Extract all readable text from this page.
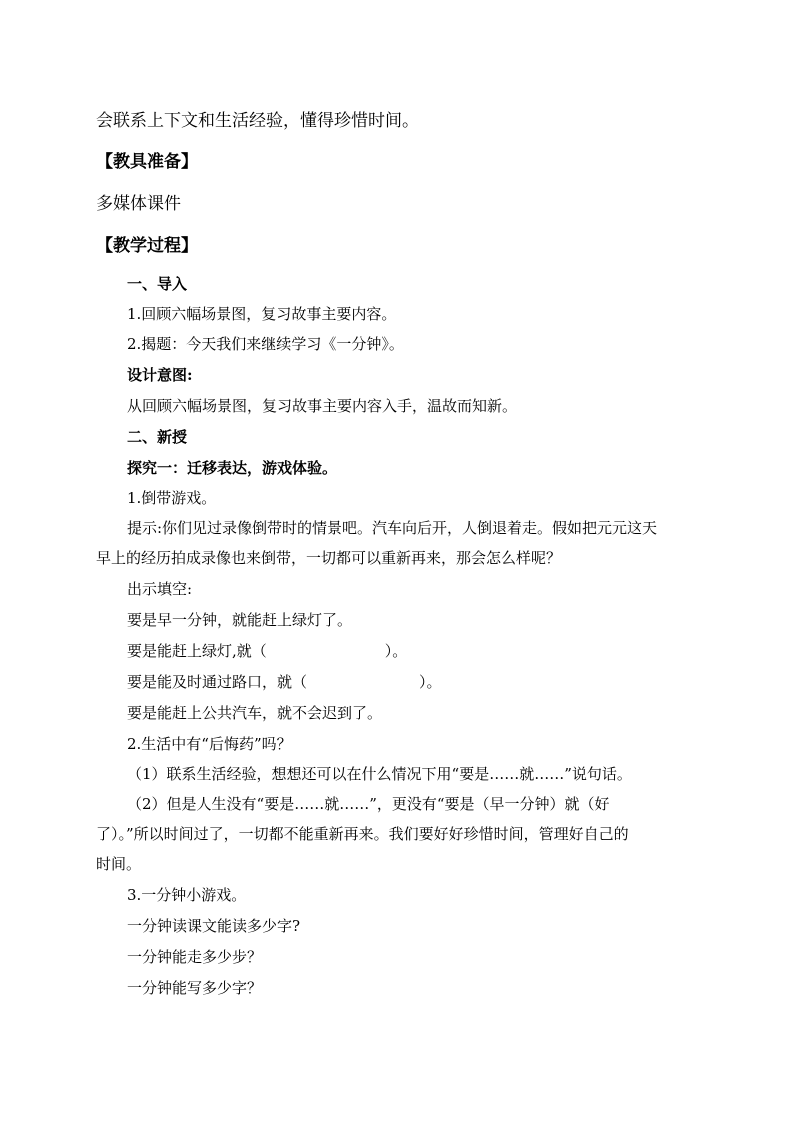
会联系上下文和生活经验，懂得珍惜时间。
【教具准备】
多媒体课件
【教学过程】
一、导入
1.回顾六幅场景图，复习故事主要内容。
2.揭题：今天我们来继续学习《一分钟》。
设计意图:
从回顾六幅场景图，复习故事主要内容入手，温故而知新。
二、新授
探究一：迁移表达，游戏体验。
1.倒带游戏。
提示:你们见过录像倒带时的情景吧。汽车向后开，人倒退着走。假如把元元这天
早上的经历拍成录像也来倒带，一切都可以重新再来，那会怎么样呢？
出示填空:
要是早一分钟，就能赶上绿灯了。
要是能赶上绿灯,就（	）。
要是能及时通过路口，就（	）。
要是能赶上公共汽车，就不会迟到了。
2.生活中有“后悔药”吗？
（1）联系生活经验，想想还可以在什么情况下用“要是……就……”说句话。
（2）但是人生没有“要是……就……”，更没有“要是（早一分钟）就（好
了）。”所以时间过了，一切都不能重新再来。我们要好好珍惜时间，管理好自己的
时间。
3.一分钟小游戏。
一分钟读课文能读多少字?
一分钟能走多少步？
一分钟能写多少字？
